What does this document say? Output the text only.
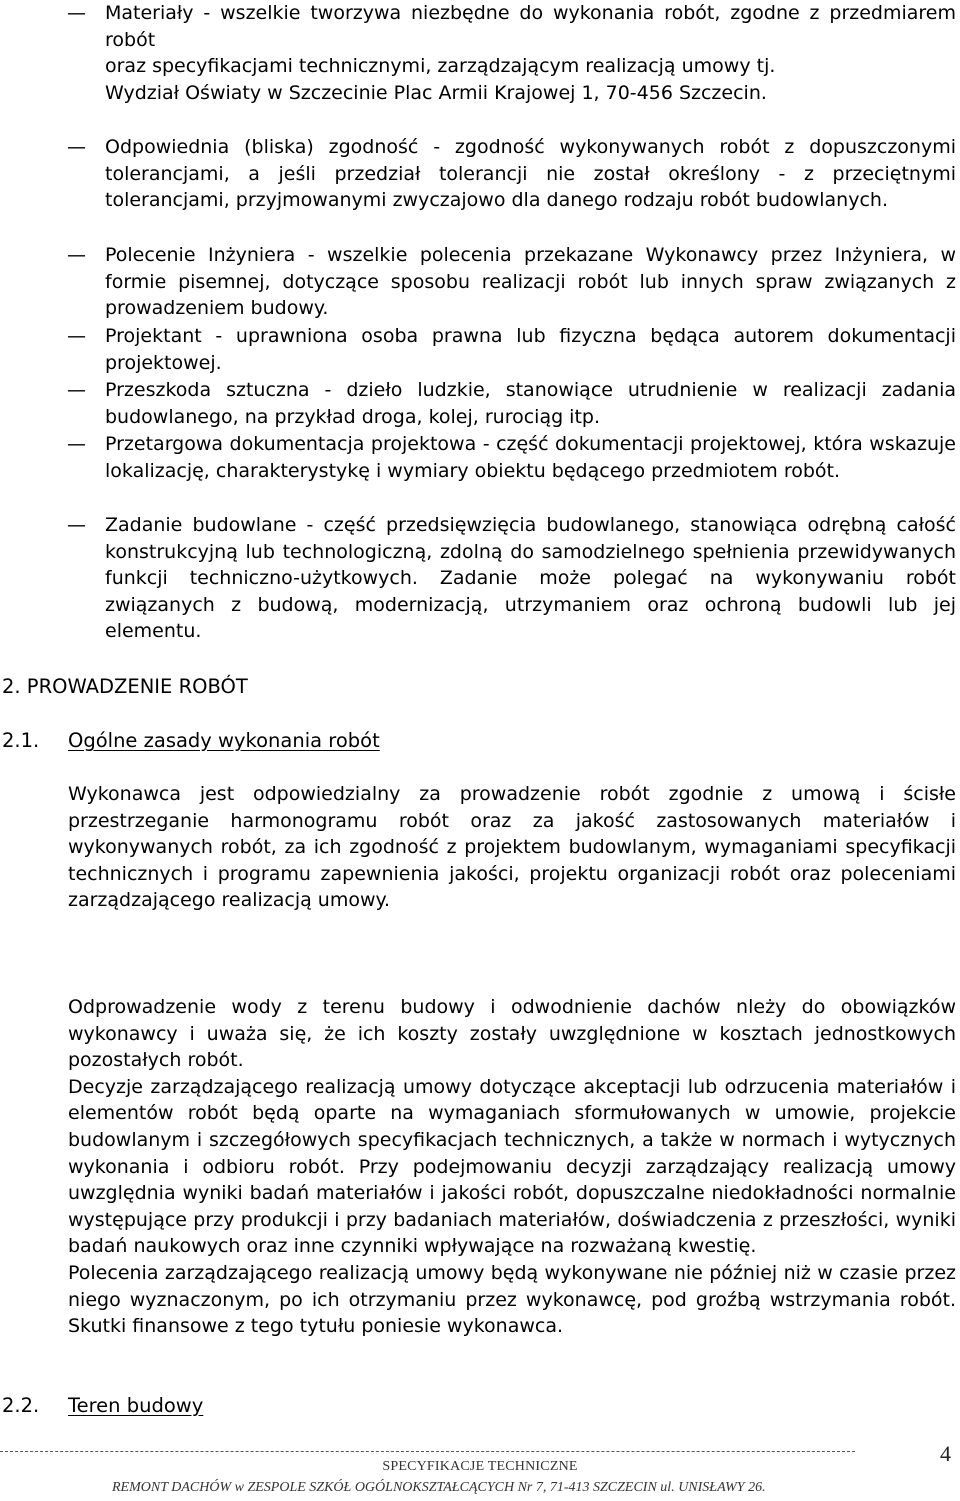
— Materiały - wszelkie tworzywa niezbędne do wykonania robót, zgodne z przedmiarem robót
oraz specyfikacjami technicznymi, zarządzającym realizacją umowy tj.
Wydział Oświaty w Szczecinie Plac Armii Krajowej 1, 70-456 Szczecin.
— Odpowiednia (bliska) zgodność - zgodność wykonywanych robót z dopuszczonymi tolerancjami, a jeśli przedział tolerancji nie został określony - z przeciętnymi tolerancjami, przyjmowanymi zwyczajowo dla danego rodzaju robót budowlanych.
— Polecenie Inżyniera - wszelkie polecenia przekazane Wykonawcy przez Inżyniera, w formie pisemnej, dotyczące sposobu realizacji robót lub innych spraw związanych z prowadzeniem budowy.
— Projektant - uprawniona osoba prawna lub fizyczna będąca autorem dokumentacji projektowej.
— Przeszkoda sztuczna - dzieło ludzkie, stanowiące utrudnienie w realizacji zadania budowlanego, na przykład droga, kolej, rurociąg itp.
— Przetargowa dokumentacja projektowa - część dokumentacji projektowej, która wskazuje lokalizację, charakterystykę i wymiary obiektu będącego przedmiotem robót.
— Zadanie budowlane - część przedsięwzięcia budowlanego, stanowiąca odrębną całość konstrukcyjną lub technologiczną, zdolną do samodzielnego spełnienia przewidywanych funkcji techniczno-użytkowych. Zadanie może polegać na wykonywaniu robót związanych z budową, modernizacją, utrzymaniem oraz ochroną budowli lub jej elementu.
2. PROWADZENIE ROBÓT
2.1. Ogólne zasady wykonania robót

Wykonawca jest odpowiedzialny za prowadzenie robót zgodnie z umową i ścisłe przestrzeganie harmonogramu robót oraz za jakość zastosowanych materiałów i wykonywanych robót, za ich zgodność z projektem budowlanym, wymaganiami specyfikacji technicznych i programu zapewnienia jakości, projektu organizacji robót oraz poleceniami zarządzającego realizacją umowy.

Odprowadzenie wody z terenu budowy i odwodnienie dachów nleży do obowiązków wykonawcy i uważa się, że ich koszty zostały uwzględnione w kosztach jednostkowych pozostałych robót.

Decyzje zarządzającego realizacją umowy dotyczące akceptacji lub odrzucenia materiałów i elementów robót będą oparte na wymaganiach sformułowanych w umowie, projekcie budowlanym i szczegółowych specyfikacjach technicznych, a także w normach i wytycznych wykonania i odbioru robót. Przy podejmowaniu decyzji zarządzający realizacją umowy uwzględnia wyniki badań materiałów i jakości robót, dopuszczalne niedokładności normalnie występujące przy produkcji i przy badaniach materiałów, doświadczenia z przeszłości, wyniki badań naukowych oraz inne czynniki wpływające na rozważaną kwestię.

Polecenia zarządzającego realizacją umowy będą wykonywane nie później niż w czasie przez niego wyznaczonym, po ich otrzymaniu przez wykonawcę, pod groźbą wstrzymania robót. Skutki finansowe z tego tytułu poniesie wykonawca.

2.2. Teren budowy
4
SPECYFIKACJE TECHNICZNE
REMONT DACHÓW w ZESPOLE SZKÓŁ OGÓLNOKSZTAŁCĄCYCH Nr 7, 71-413 SZCZECIN ul. UNISŁAWY 26.
